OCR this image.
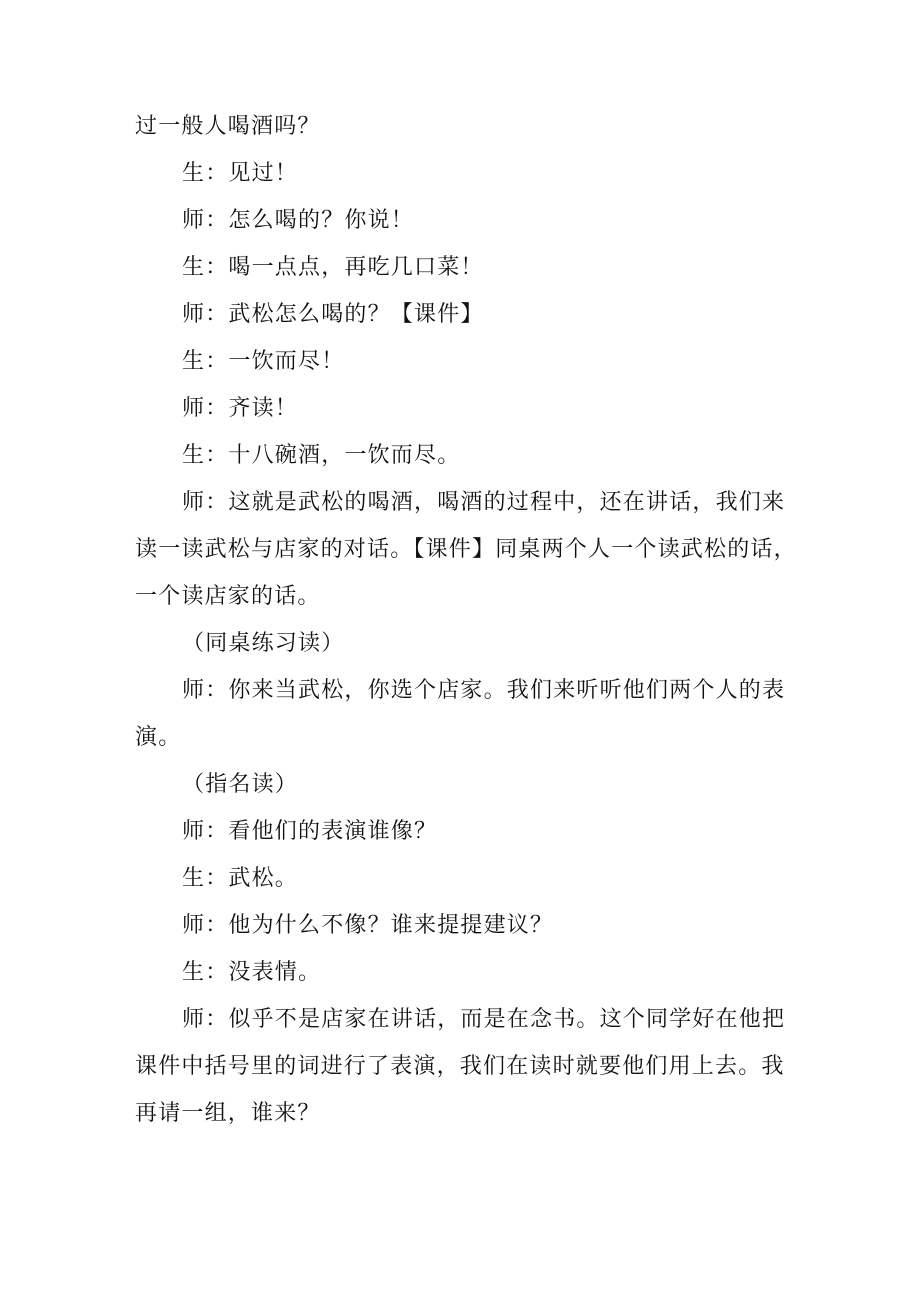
过一般人喝酒吗？

生：见过！

师：怎么喝的？你说！

生：喝一点点，再吃几口菜！

师：武松怎么喝的？【课件】

生：一饮而尽！

师：齐读！

生：十八碗酒，一饮而尽。

师：这就是武松的喝酒，喝酒的过程中，还在讲话，我们来

读一读武松与店家的对话。【课件】同桌两个人一个读武松的话，

一个读店家的话。

（同桌练习读）

师：你来当武松，你选个店家。我们来听听他们两个人的表

演。

（指名读）

师：看他们的表演谁像？

生：武松。

师：他为什么不像？谁来提提建议？

生：没表情。

师：似乎不是店家在讲话，而是在念书。这个同学好在他把

课件中括号里的词进行了表演，我们在读时就要他们用上去。我

再请一组，谁来？
